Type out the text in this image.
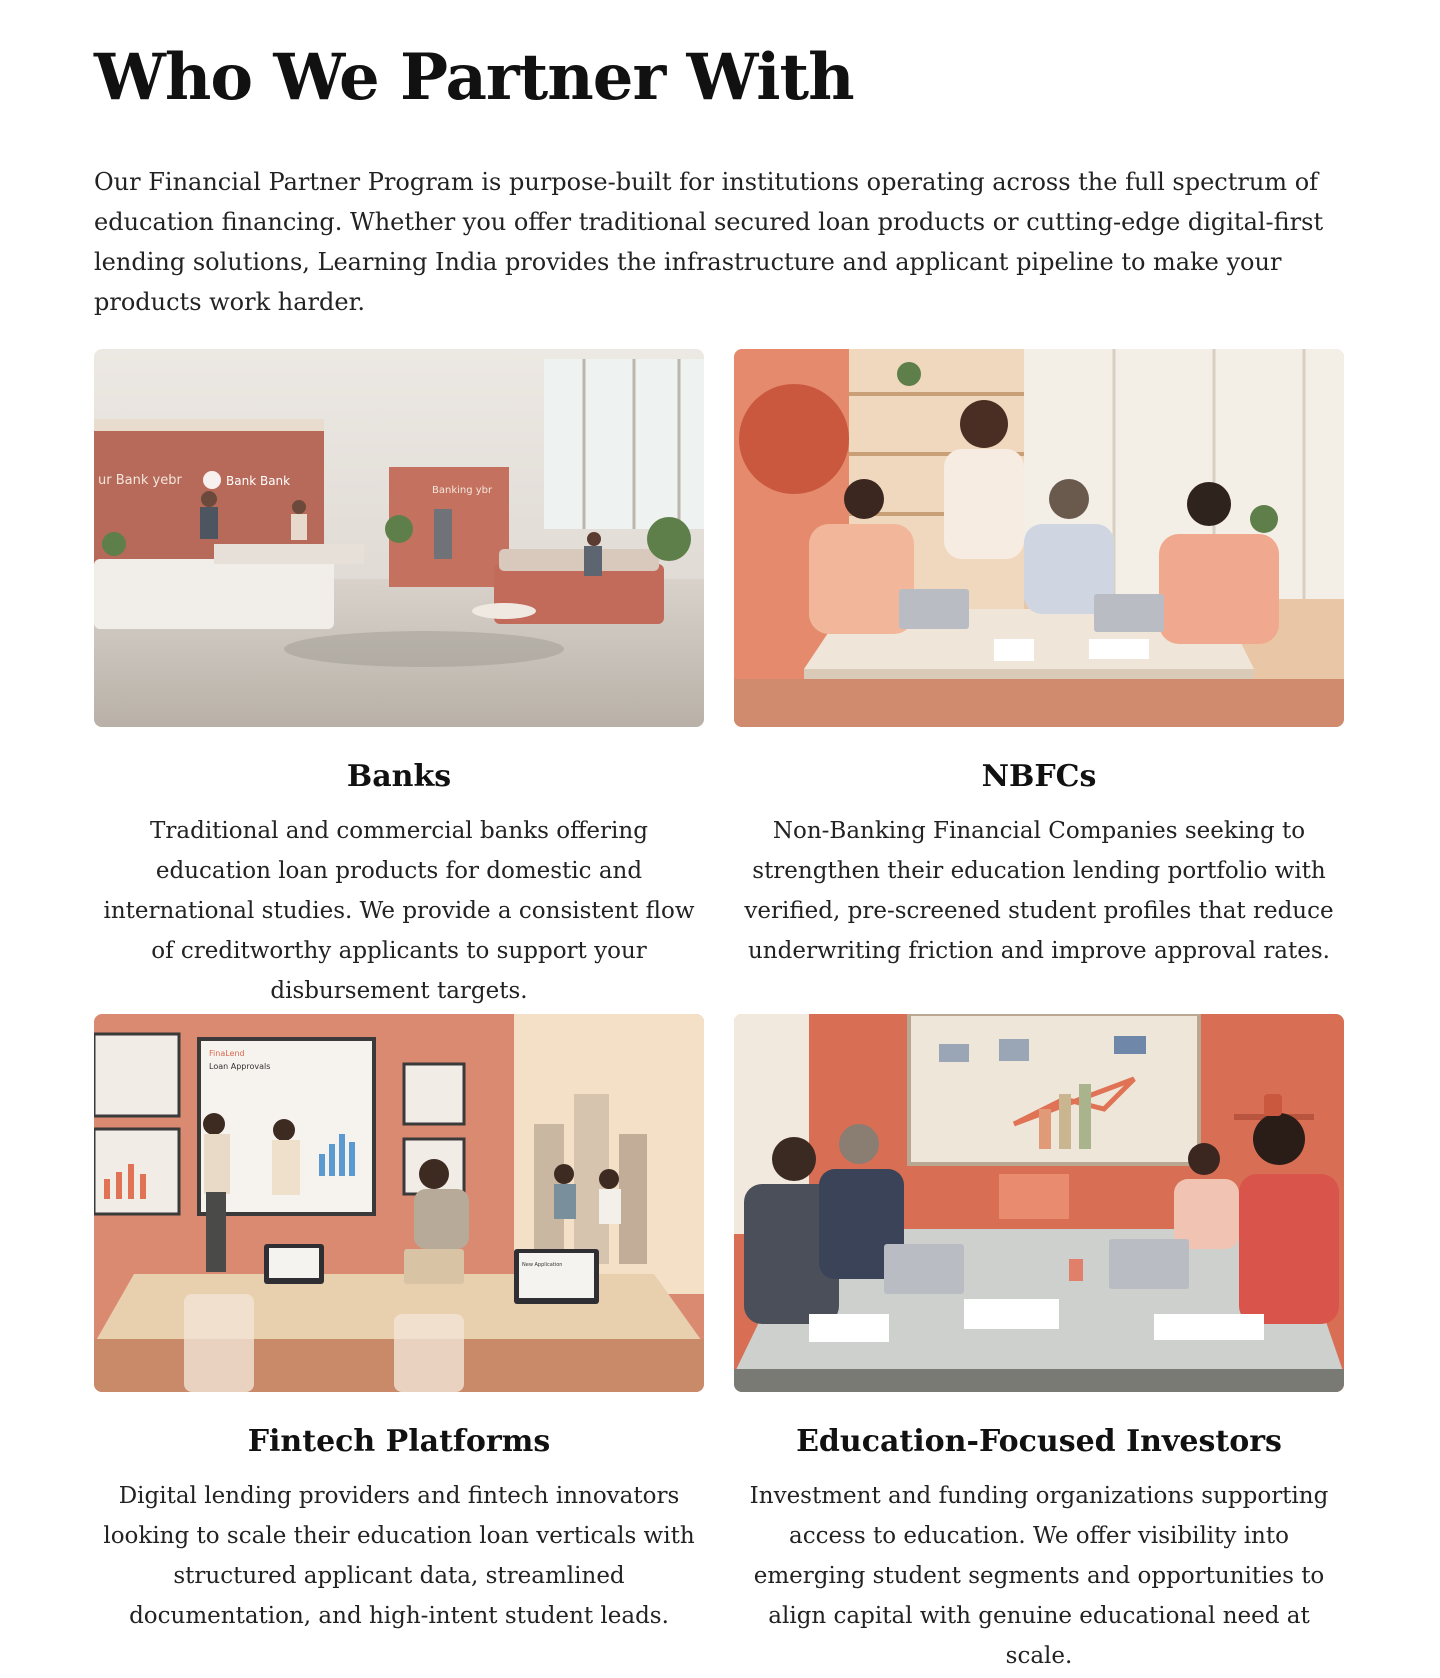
Who We Partner With

Our Financial Partner Program is purpose-built for institutions operating across the full spectrum of education financing. Whether you offer traditional secured loan products or cutting-edge digital-first lending solutions, Learning India provides the infrastructure and applicant pipeline to make your products work harder.

ur Bank yebr	Bank Bank
Banking ybr
Banks

Traditional and commercial banks offering education loan products for domestic and international studies. We provide a consistent flow of creditworthy applicants to support your disbursement targets.

NBFCs

Non-Banking Financial Companies seeking to strengthen their education lending portfolio with verified, pre-screened student profiles that reduce underwriting friction and improve approval rates.

FinaLend
Loan Approvals
New Application
Fintech Platforms

Digital lending providers and fintech innovators looking to scale their education loan verticals with structured applicant data, streamlined documentation, and high-intent student leads.

Education-Focused Investors

Investment and funding organizations supporting access to education. We offer visibility into emerging student segments and opportunities to align capital with genuine educational need at scale.
